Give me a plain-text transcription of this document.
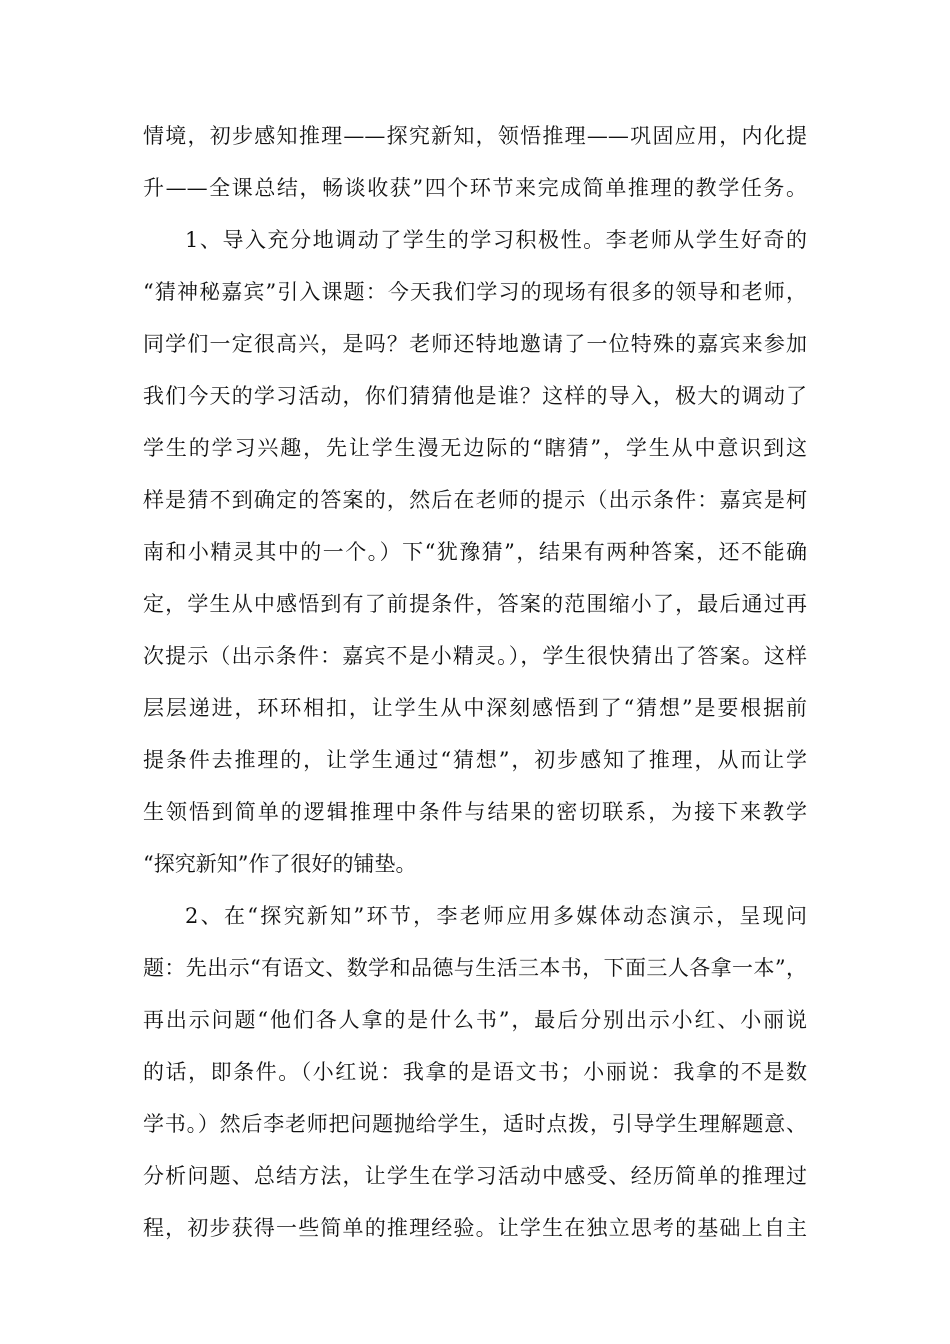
情境，初步感知推理——探究新知，领悟推理——巩固应用，内化提
升——全课总结，畅谈收获”四个环节来完成简单推理的教学任务。
1、导入充分地调动了学生的学习积极性。李老师从学生好奇的
“猜神秘嘉宾”引入课题：今天我们学习的现场有很多的领导和老师，
同学们一定很高兴，是吗？老师还特地邀请了一位特殊的嘉宾来参加
我们今天的学习活动，你们猜猜他是谁？这样的导入，极大的调动了
学生的学习兴趣，先让学生漫无边际的“瞎猜”，学生从中意识到这
样是猜不到确定的答案的，然后在老师的提示（出示条件：嘉宾是柯
南和小精灵其中的一个。）下“犹豫猜”，结果有两种答案，还不能确
定，学生从中感悟到有了前提条件，答案的范围缩小了，最后通过再
次提示（出示条件：嘉宾不是小精灵。），学生很快猜出了答案。这样
层层递进，环环相扣，让学生从中深刻感悟到了“猜想”是要根据前
提条件去推理的，让学生通过“猜想”，初步感知了推理，从而让学
生领悟到简单的逻辑推理中条件与结果的密切联系，为接下来教学
“探究新知”作了很好的铺垫。
2、在“探究新知”环节，李老师应用多媒体动态演示，呈现问
题：先出示“有语文、数学和品德与生活三本书，下面三人各拿一本”，
再出示问题“他们各人拿的是什么书”，最后分别出示小红、小丽说
的话，即条件。（小红说：我拿的是语文书；小丽说：我拿的不是数
学书。）然后李老师把问题抛给学生，适时点拨，引导学生理解题意、
分析问题、总结方法，让学生在学习活动中感受、经历简单的推理过
程，初步获得一些简单的推理经验。让学生在独立思考的基础上自主
